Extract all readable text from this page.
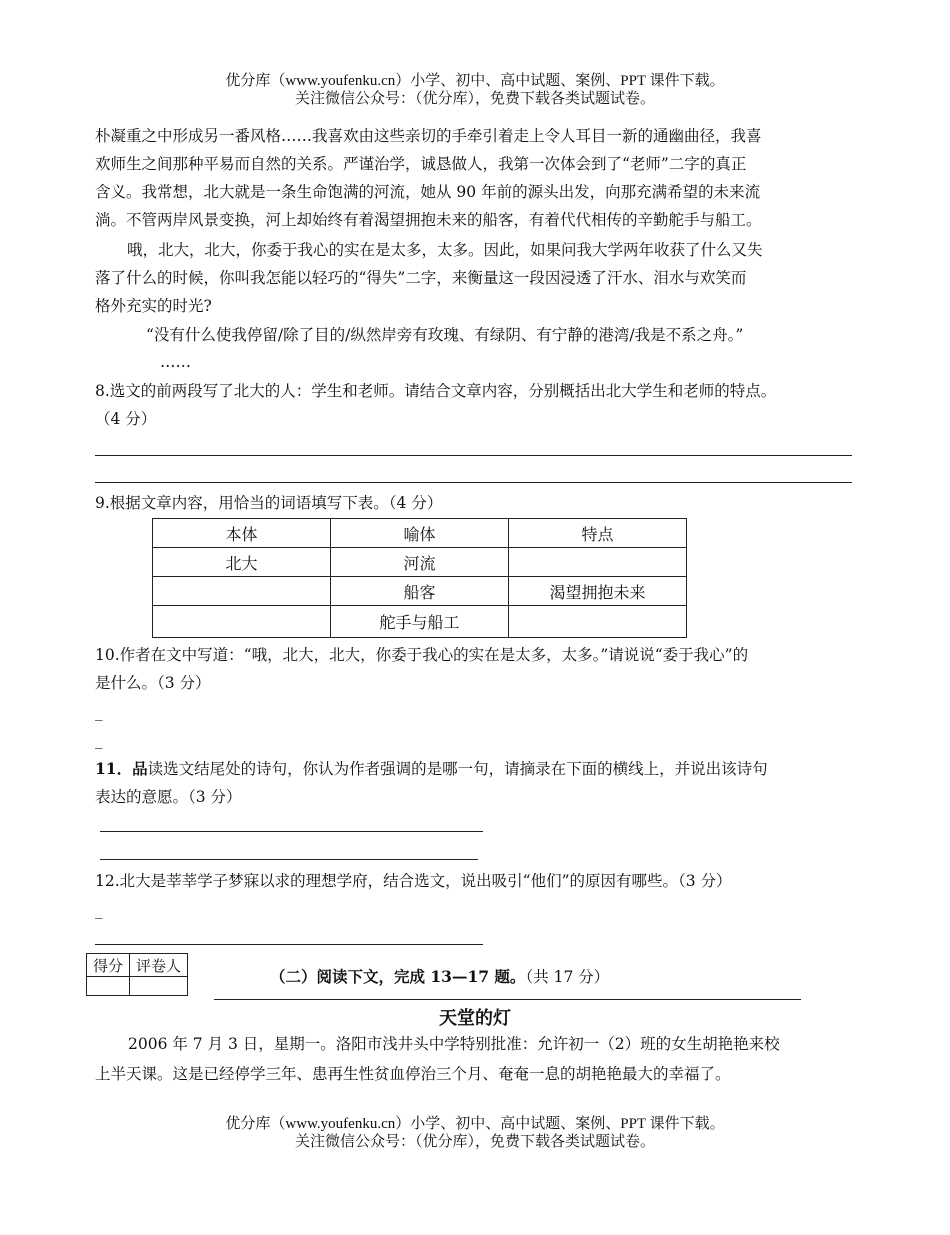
优分库（www.youfenku.cn）小学、初中、高中试题、案例、PPT 课件下载。
关注微信公众号：（优分库），免费下载各类试题试卷。
朴凝重之中形成另一番风格……我喜欢由这些亲切的手牵引着走上令人耳目一新的通幽曲径，我喜
欢师生之间那种平易而自然的关系。严谨治学，诚恳做人，我第一次体会到了“老师”二字的真正
含义。我常想，北大就是一条生命饱满的河流，她从 90 年前的源头出发，向那充满希望的未来流
淌。不管两岸风景变换，河上却始终有着渴望拥抱未来的船客，有着代代相传的辛勤舵手与船工。
哦，北大，北大，你委于我心的实在是太多，太多。因此，如果问我大学两年收获了什么又失
落了什么的时候，你叫我怎能以轻巧的“得失”二字，来衡量这一段因浸透了汗水、泪水与欢笑而
格外充实的时光?
“没有什么使我停留/除了目的/纵然岸旁有玫瑰、有绿阴、有宁静的港湾/我是不系之舟。”
……
8.选文的前两段写了北大的人：学生和老师。请结合文章内容，分别概括出北大学生和老师的特点。
（4 分）
9.根据文章内容，用恰当的词语填写下表。（4 分）
本体	喻体	特点
北大	河流	
	船客	渴望拥抱未来
	舵手与船工	
10.作者在文中写道：“哦，北大，北大，你委于我心的实在是太多，太多。”请说说“委于我心”的
是什么。（3 分）
_
_
11．品读选文结尾处的诗句，你认为作者强调的是哪一句，请摘录在下面的横线上，并说出该诗句
表达的意愿。（3 分）
12.北大是莘莘学子梦寐以求的理想学府，结合选文，说出吸引“他们”的原因有哪些。（3 分）
_
得分	评卷人

（二）阅读下文，完成 13—17 题。（共 17 分）
天堂的灯
2006 年 7 月 3 日，星期一。洛阳市浅井头中学特别批准：允许初一（2）班的女生胡艳艳来校
上半天课。这是已经停学三年、患再生性贫血停治三个月、奄奄一息的胡艳艳最大的幸福了。
优分库（www.youfenku.cn）小学、初中、高中试题、案例、PPT 课件下载。
关注微信公众号：（优分库），免费下载各类试题试卷。
